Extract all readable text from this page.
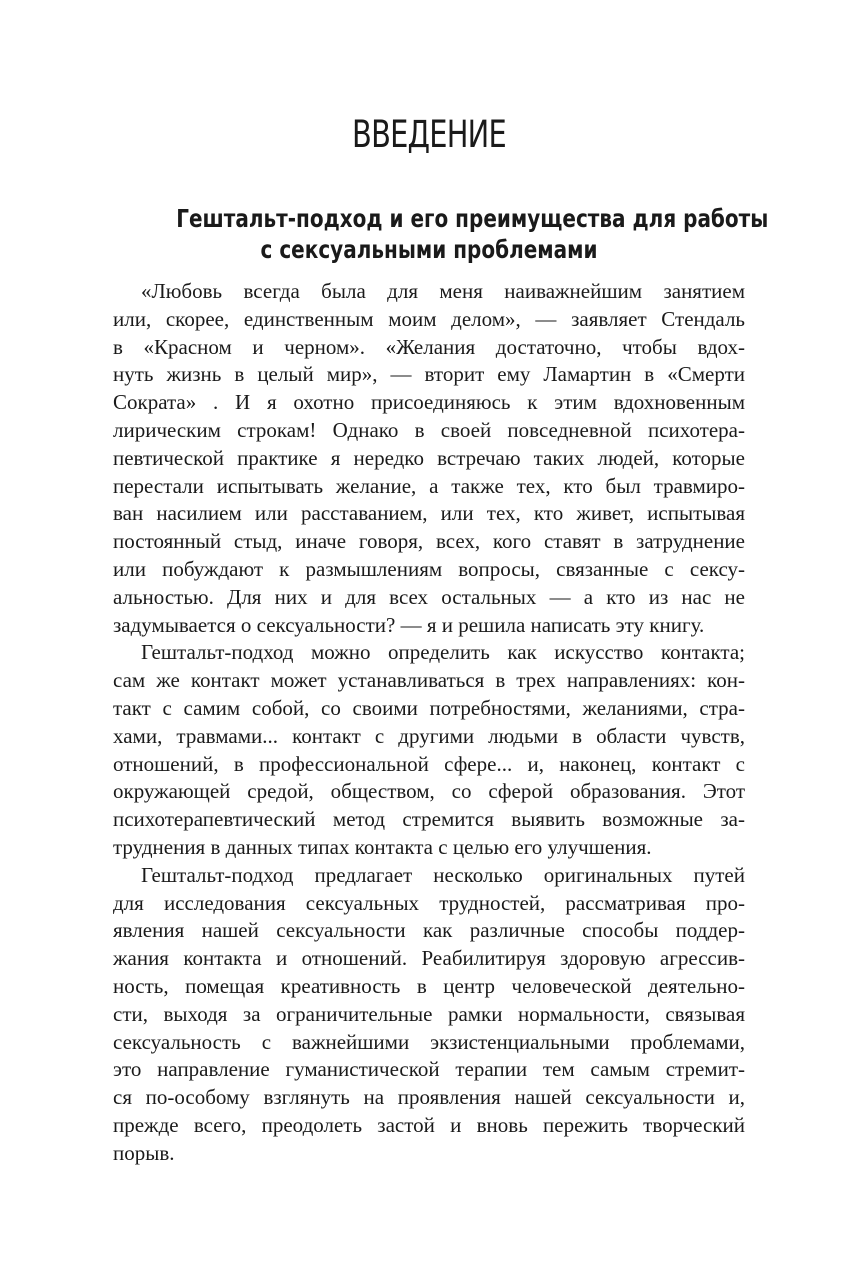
ВВЕДЕНИЕ
Гештальт-подход и его преимущества для работы
с сексуальными проблемами

«Любовь всегда была для меня наиважнейшим занятием
или, скорее, единственным моим делом», — заявляет Стендаль
в «Красном и черном». «Желания достаточно, чтобы вдох-
нуть жизнь в целый мир», — вторит ему Ламартин в «Смерти
Сократа» . И я охотно присоединяюсь к этим вдохновенным
лирическим строкам! Однако в своей повседневной психотера-
певтической практике я нередко встречаю таких людей, которые
перестали испытывать желание, а также тех, кто был травмиро-
ван насилием или расставанием, или тех, кто живет, испытывая
постоянный стыд, иначе говоря, всех, кого ставят в затруднение
или побуждают к размышлениям вопросы, связанные с сексу-
альностью. Для них и для всех остальных — а кто из нас не
задумывается о сексуальности? — я и решила написать эту книгу.

Гештальт-подход можно определить как искусство контакта;
сам же контакт может устанавливаться в трех направлениях: кон-
такт с самим собой, со своими потребностями, желаниями, стра-
хами, травмами... контакт с другими людьми в области чувств,
отношений, в профессиональной сфере... и, наконец, контакт с
окружающей средой, обществом, со сферой образования. Этот
психотерапевтический метод стремится выявить возможные за-
труднения в данных типах контакта с целью его улучшения.

Гештальт-подход предлагает несколько оригинальных путей
для исследования сексуальных трудностей, рассматривая про-
явления нашей сексуальности как различные способы поддер-
жания контакта и отношений. Реабилитируя здоровую агрессив-
ность, помещая креативность в центр человеческой деятельно-
сти, выходя за ограничительные рамки нормальности, связывая
сексуальность с важнейшими экзистенциальными проблемами,
это направление гуманистической терапии тем самым стремит-
ся по-особому взглянуть на проявления нашей сексуальности и,
прежде всего, преодолеть застой и вновь пережить творческий
порыв.
